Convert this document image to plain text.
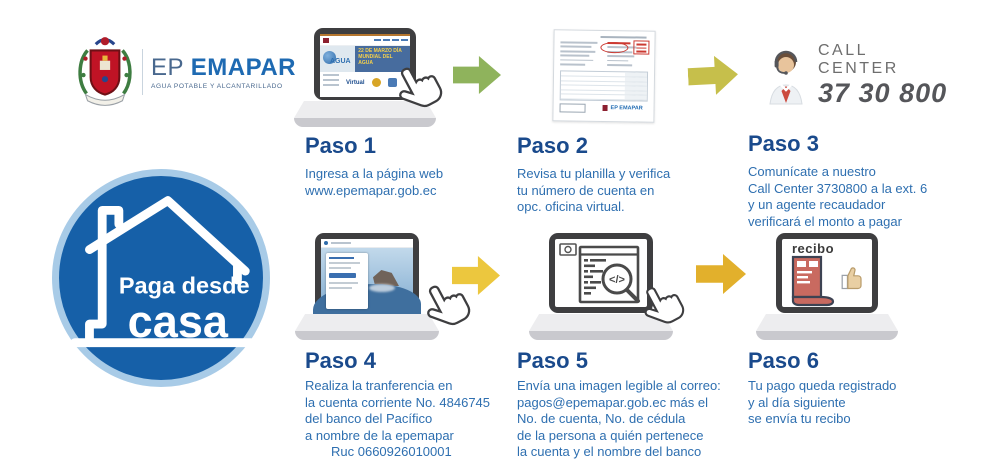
EP EMAPAR
AGUA POTABLE Y ALCANTARILLADO
Paga desde
casa
AGUA
22 DE MARZO DÍA MUNDIAL DEL AGUA
Virtual
EP EMAPAR
CALL CENTER
37 30 800
</>
recibo
Paso 1
Ingresa a la página web
www.epemapar.gob.ec
Paso 2
Revisa tu planilla y verifica
tu número de cuenta en
opc. oficina virtual.
Paso 3
Comunícate a nuestro
Call Center 3730800 a la ext. 6
y un agente recaudador
verificará el monto a pagar
Paso 4
Realiza la tranferencia en
la cuenta corriente No. 4846745
del banco del Pacífico
a nombre de la epemapar
Ruc 0660926010001
Paso 5
Envía una imagen legible al correo:
pagos@epemapar.gob.ec más el
No. de cuenta, No. de cédula
de la persona a quién pertenece
la cuenta y el nombre del banco
Paso 6
Tu pago queda registrado
y al día siguiente
se envía tu recibo
